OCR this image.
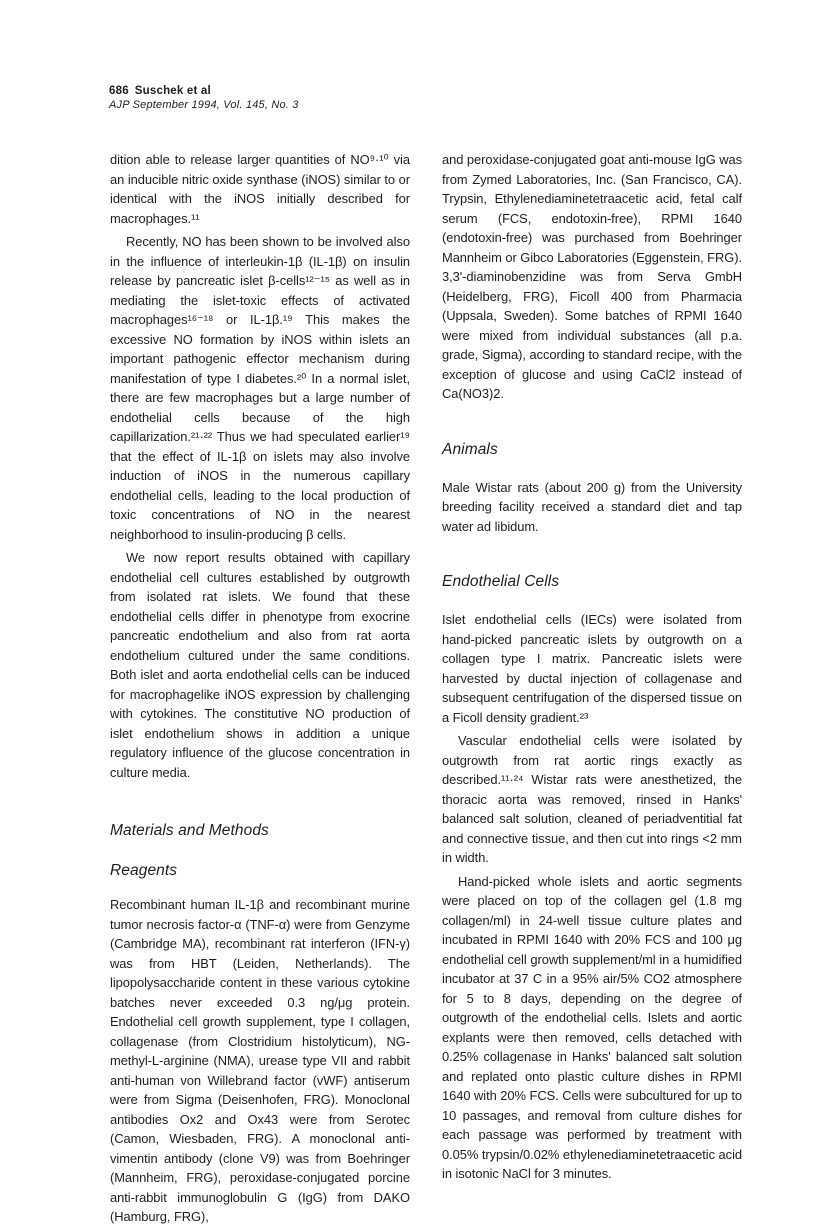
686 Suschek et al
AJP September 1994, Vol. 145, No. 3

dition able to release larger quantities of NO⁹·¹⁰ via an inducible nitric oxide synthase (iNOS) similar to or identical with the iNOS initially described for macrophages.¹¹

Recently, NO has been shown to be involved also in the influence of interleukin-1β (IL-1β) on insulin release by pancreatic islet β-cells¹²⁻¹⁵ as well as in mediating the islet-toxic effects of activated macrophages¹⁶⁻¹⁸ or IL-1β.¹⁹ This makes the excessive NO formation by iNOS within islets an important pathogenic effector mechanism during manifestation of type I diabetes.²⁰ In a normal islet, there are few macrophages but a large number of endothelial cells because of the high capillarization.²¹·²² Thus we had speculated earlier¹⁹ that the effect of IL-1β on islets may also involve induction of iNOS in the numerous capillary endothelial cells, leading to the local production of toxic concentrations of NO in the nearest neighborhood to insulin-producing β cells.

We now report results obtained with capillary endothelial cell cultures established by outgrowth from isolated rat islets. We found that these endothelial cells differ in phenotype from exocrine pancreatic endothelium and also from rat aorta endothelium cultured under the same conditions. Both islet and aorta endothelial cells can be induced for macrophagelike iNOS expression by challenging with cytokines. The constitutive NO production of islet endothelium shows in addition a unique regulatory influence of the glucose concentration in culture media.

Materials and Methods
Reagents

Recombinant human IL-1β and recombinant murine tumor necrosis factor-α (TNF-α) were from Genzyme (Cambridge MA), recombinant rat interferon (IFN-γ) was from HBT (Leiden, Netherlands). The lipopolysaccharide content in these various cytokine batches never exceeded 0.3 ng/μg protein. Endothelial cell growth supplement, type I collagen, collagenase (from Clostridium histolyticum), NG-methyl-L-arginine (NMA), urease type VII and rabbit anti-human von Willebrand factor (vWF) antiserum were from Sigma (Deisenhofen, FRG). Monoclonal antibodies Ox2 and Ox43 were from Serotec (Camon, Wiesbaden, FRG). A monoclonal anti-vimentin antibody (clone V9) was from Boehringer (Mannheim, FRG), peroxidase-conjugated porcine anti-rabbit immunoglobulin G (IgG) from DAKO (Hamburg, FRG),

and peroxidase-conjugated goat anti-mouse IgG was from Zymed Laboratories, Inc. (San Francisco, CA). Trypsin, Ethylenediaminetetraacetic acid, fetal calf serum (FCS, endotoxin-free), RPMI 1640 (endotoxin-free) was purchased from Boehringer Mannheim or Gibco Laboratories (Eggenstein, FRG). 3,3'-diaminobenzidine was from Serva GmbH (Heidelberg, FRG), Ficoll 400 from Pharmacia (Uppsala, Sweden). Some batches of RPMI 1640 were mixed from individual substances (all p.a. grade, Sigma), according to standard recipe, with the exception of glucose and using CaCl2 instead of Ca(NO3)2.

Animals

Male Wistar rats (about 200 g) from the University breeding facility received a standard diet and tap water ad libidum.

Endothelial Cells

Islet endothelial cells (IECs) were isolated from hand-picked pancreatic islets by outgrowth on a collagen type I matrix. Pancreatic islets were harvested by ductal injection of collagenase and subsequent centrifugation of the dispersed tissue on a Ficoll density gradient.²³

Vascular endothelial cells were isolated by outgrowth from rat aortic rings exactly as described.¹¹·²⁴ Wistar rats were anesthetized, the thoracic aorta was removed, rinsed in Hanks' balanced salt solution, cleaned of periadventitial fat and connective tissue, and then cut into rings <2 mm in width.

Hand-picked whole islets and aortic segments were placed on top of the collagen gel (1.8 mg collagen/ml) in 24-well tissue culture plates and incubated in RPMI 1640 with 20% FCS and 100 μg endothelial cell growth supplement/ml in a humidified incubator at 37 C in a 95% air/5% CO2 atmosphere for 5 to 8 days, depending on the degree of outgrowth of the endothelial cells. Islets and aortic explants were then removed, cells detached with 0.25% collagenase in Hanks' balanced salt solution and replated onto plastic culture dishes in RPMI 1640 with 20% FCS. Cells were subcultured for up to 10 passages, and removal from culture dishes for each passage was performed by treatment with 0.05% trypsin/0.02% ethylenediaminetetraacetic acid in isotonic NaCl for 3 minutes.
